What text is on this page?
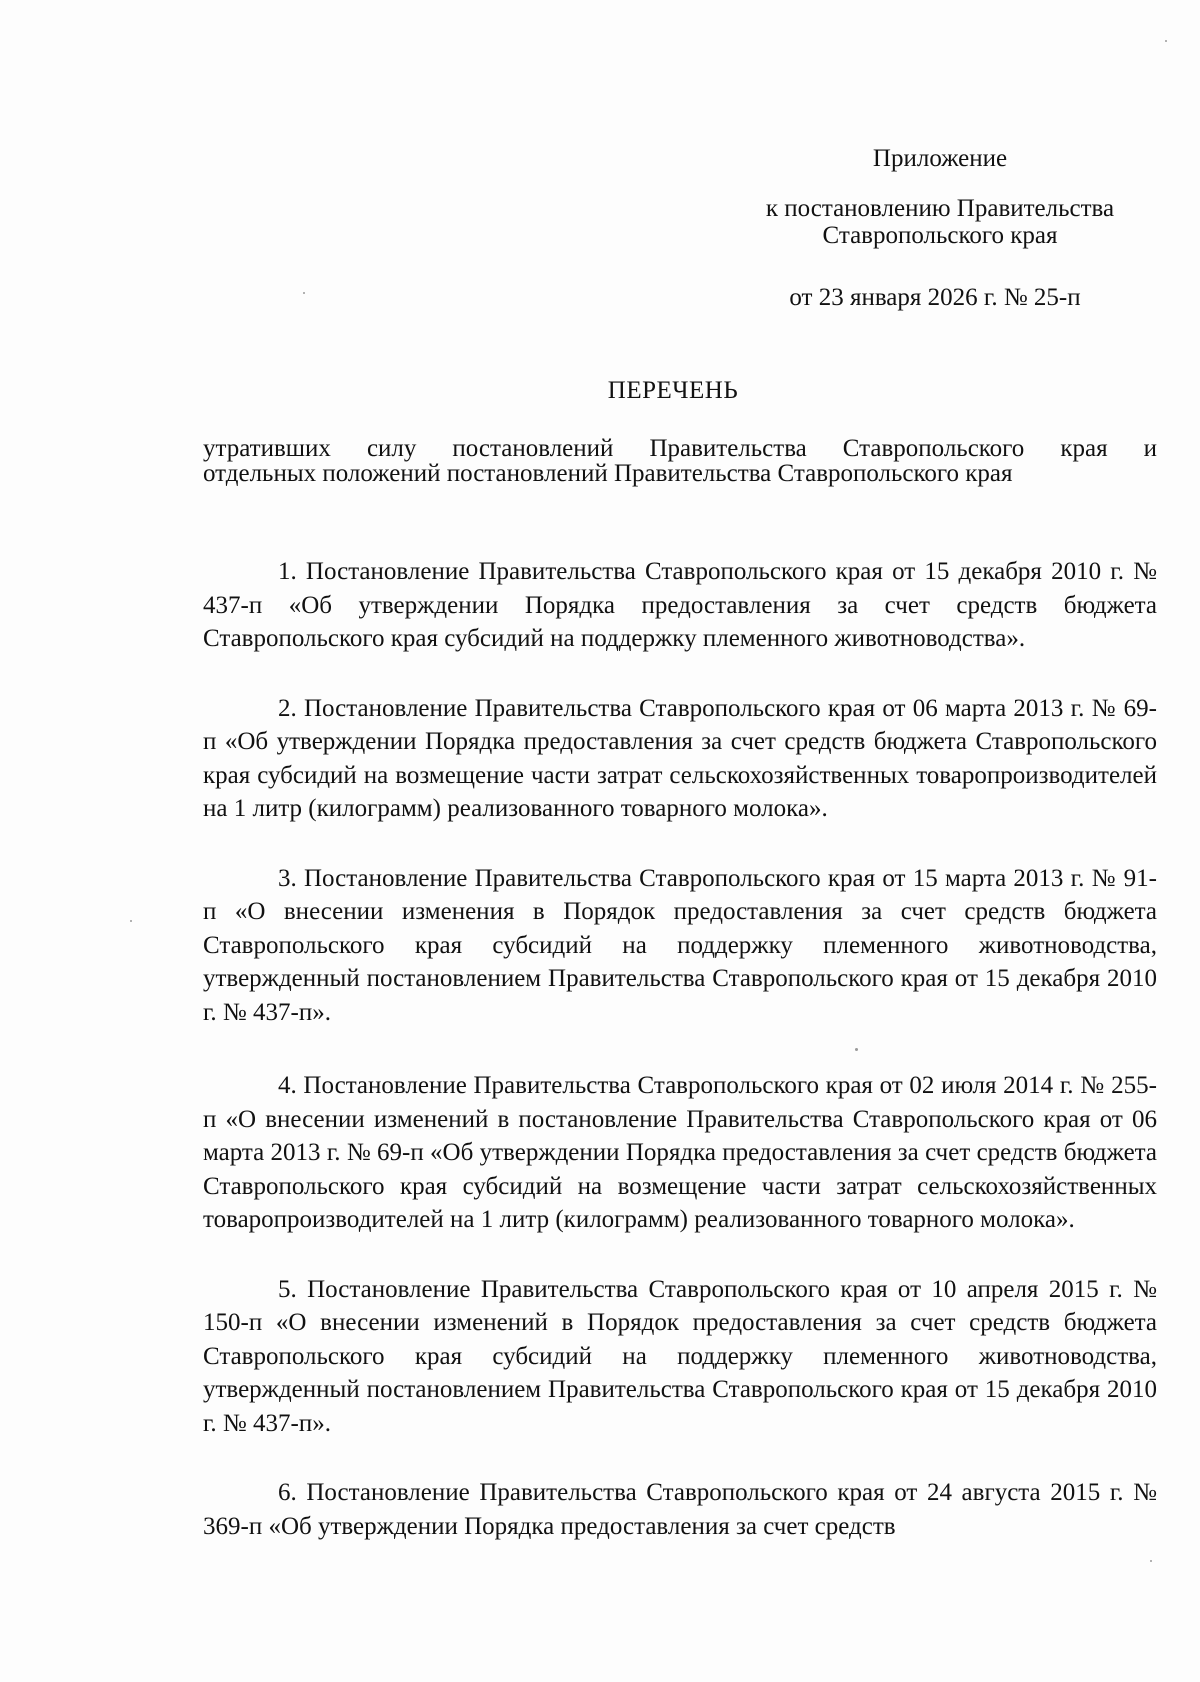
Приложение
к постановлению Правительства
Ставропольского края
от 23 января 2026 г. № 25-п
ПЕРЕЧЕНЬ
утративших силу постановлений Правительства Ставропольского края и
отдельных положений постановлений Правительства Ставропольского края

1. Постановление Правительства Ставропольского края от 15 декабря 2010 г. № 437-п «Об утверждении Порядка предоставления за счет средств бюджета Ставропольского края субсидий на поддержку племенного животноводства».

2. Постановление Правительства Ставропольского края от 06 марта 2013 г. № 69-п «Об утверждении Порядка предоставления за счет средств бюджета Ставропольского края субсидий на возмещение части затрат сельскохозяйственных товаропроизводителей на 1 литр (килограмм) реализованного товарного молока».

3. Постановление Правительства Ставропольского края от 15 марта 2013 г. № 91-п «О внесении изменения в Порядок предоставления за счет средств бюджета Ставропольского края субсидий на поддержку племенного животноводства, утвержденный постановлением Правительства Ставропольского края от 15 декабря 2010 г. № 437-п».

4. Постановление Правительства Ставропольского края от 02 июля 2014 г. № 255-п «О внесении изменений в постановление Правительства Ставропольского края от 06 марта 2013 г. № 69-п «Об утверждении Порядка предоставления за счет средств бюджета Ставропольского края субсидий на возмещение части затрат сельскохозяйственных товаропроизводителей на 1 литр (килограмм) реализованного товарного молока».

5. Постановление Правительства Ставропольского края от 10 апреля 2015 г. № 150-п «О внесении изменений в Порядок предоставления за счет средств бюджета Ставропольского края субсидий на поддержку племенного животноводства, утвержденный постановлением Правительства Ставропольского края от 15 декабря 2010 г. № 437-п».

6. Постановление Правительства Ставропольского края от 24 августа 2015 г. № 369-п «Об утверждении Порядка предоставления за счет средств
